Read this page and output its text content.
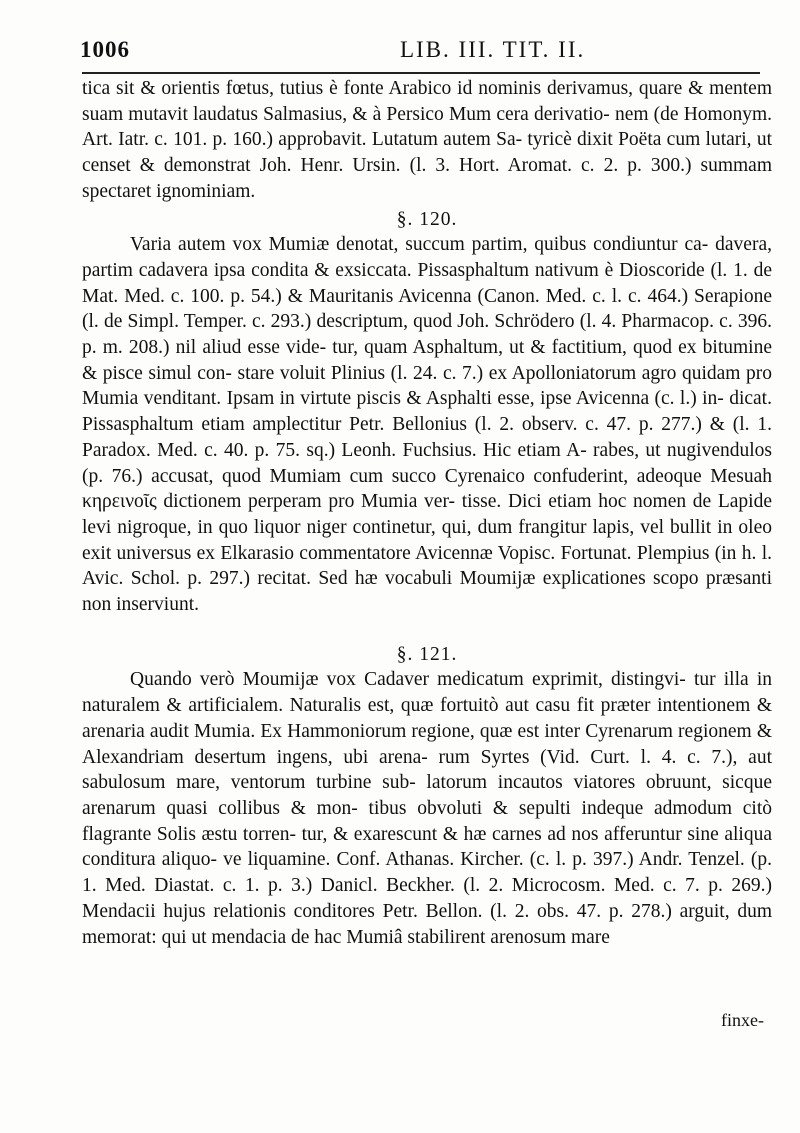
1006	LIB. III. TIT. II.

tica sit & orientis fœtus, tutius è fonte Arabico id nominis derivamus, quare & mentem suam mutavit laudatus Salmasius, & à Persico Mum cera derivatio- nem (de Homonym. Art. Iatr. c. 101. p. 160.) approbavit. Lutatum autem Sa- tyricè dixit Poëta cum lutari, ut censet & demonstrat Joh. Henr. Ursin. (l. 3. Hort. Aromat. c. 2. p. 300.) summam spectaret ignominiam.

§. 120.

Varia autem vox Mumiæ denotat, succum partim, quibus condiuntur ca- davera, partim cadavera ipsa condita & exsiccata. Pissasphaltum nativum è Dioscoride (l. 1. de Mat. Med. c. 100. p. 54.) & Mauritanis Avicenna (Canon. Med. c. l. c. 464.) Serapione (l. de Simpl. Temper. c. 293.) descriptum, quod Joh. Schrödero (l. 4. Pharmacop. c. 396. p. m. 208.) nil aliud esse vide- tur, quam Asphaltum, ut & factitium, quod ex bitumine & pisce simul con- stare voluit Plinius (l. 24. c. 7.) ex Apolloniatorum agro quidam pro Mumia venditant. Ipsam in virtute piscis & Asphalti esse, ipse Avicenna (c. l.) in- dicat. Pissasphaltum etiam amplectitur Petr. Bellonius (l. 2. observ. c. 47. p. 277.) & (l. 1. Paradox. Med. c. 40. p. 75. sq.) Leonh. Fuchsius. Hic etiam A- rabes, ut nugivendulos (p. 76.) accusat, quod Mumiam cum succo Cyrenaico confuderint, adeoque Mesuah κηρεινοῖς dictionem perperam pro Mumia ver- tisse. Dici etiam hoc nomen de Lapide levi nigroque, in quo liquor niger continetur, qui, dum frangitur lapis, vel bullit in oleo exit universus ex Elkarasio commentatore Avicennæ Vopisc. Fortunat. Plempius (in h. l. Avic. Schol. p. 297.) recitat. Sed hæ vocabuli Moumijæ explicationes scopo præsanti non inserviunt.

§. 121.

Quando verò Moumijæ vox Cadaver medicatum exprimit, distingvi- tur illa in naturalem & artificialem. Naturalis est, quæ fortuitò aut casu fit præter intentionem & arenaria audit Mumia. Ex Hammoniorum regione, quæ est inter Cyrenarum regionem & Alexandriam desertum ingens, ubi arena- rum Syrtes (Vid. Curt. l. 4. c. 7.), aut sabulosum mare, ventorum turbine sub- latorum incautos viatores obruunt, sicque arenarum quasi collibus & mon- tibus obvoluti & sepulti indeque admodum citò flagrante Solis æstu torren- tur, & exarescunt & hæ carnes ad nos afferuntur sine aliqua conditura aliquo- ve liquamine. Conf. Athanas. Kircher. (c. l. p. 397.) Andr. Tenzel. (p. 1. Med. Diastat. c. 1. p. 3.) Danicl. Beckher. (l. 2. Microcosm. Med. c. 7. p. 269.) Mendacii hujus relationis conditores Petr. Bellon. (l. 2. obs. 47. p. 278.) arguit, dum memorat: qui ut mendacia de hac Mumiâ stabilirent arenosum mare

finxe-
